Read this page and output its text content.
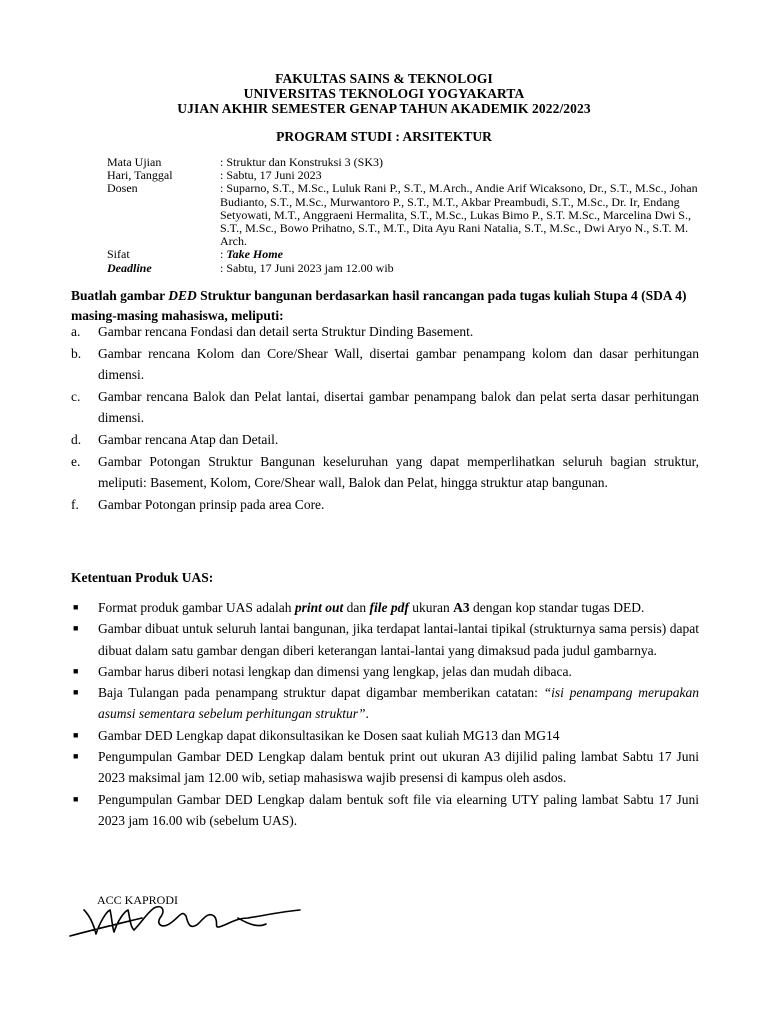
FAKULTAS SAINS & TEKNOLOGI
UNIVERSITAS TEKNOLOGI YOGYAKARTA
UJIAN AKHIR SEMESTER GENAP TAHUN AKADEMIK 2022/2023
PROGRAM STUDI : ARSITEKTUR
Mata Ujian	: Struktur dan Konstruksi 3 (SK3)
Hari, Tanggal	: Sabtu, 17 Juni 2023
Dosen	: Suparno, S.T., M.Sc., Luluk Rani P., S.T., M.Arch., Andie Arif Wicaksono, Dr., S.T., M.Sc., Johan Budianto, S.T., M.Sc., Murwantoro P., S.T., M.T., Akbar Preambudi, S.T., M.Sc., Dr. Ir, Endang Setyowati, M.T., Anggraeni Hermalita, S.T., M.Sc., Lukas Bimo P., S.T. M.Sc., Marcelina Dwi S., S.T., M.Sc., Bowo Prihatno, S.T., M.T., Dita Ayu Rani Natalia, S.T., M.Sc., Dwi Aryo N., S.T. M. Arch.
Sifat	: Take Home
Deadline	: Sabtu, 17 Juni 2023 jam 12.00 wib
Buatlah gambar DED Struktur bangunan berdasarkan hasil rancangan pada tugas kuliah Stupa 4 (SDA 4) masing-masing mahasiswa, meliputi:
a.	Gambar rencana Fondasi dan detail serta Struktur Dinding Basement.
b.	Gambar rencana Kolom dan Core/Shear Wall, disertai gambar penampang kolom dan dasar perhitungan dimensi.
c.	Gambar rencana Balok dan Pelat lantai, disertai gambar penampang balok dan pelat serta dasar perhitungan dimensi.
d.	Gambar rencana Atap dan Detail.
e.	Gambar Potongan Struktur Bangunan keseluruhan yang dapat memperlihatkan seluruh bagian struktur, meliputi: Basement, Kolom, Core/Shear wall, Balok dan Pelat, hingga struktur atap bangunan.
f.	Gambar Potongan prinsip pada area Core.
Ketentuan Produk UAS:
■	Format produk gambar UAS adalah print out dan file pdf ukuran A3 dengan kop standar tugas DED.
■	Gambar dibuat untuk seluruh lantai bangunan, jika terdapat lantai-lantai tipikal (strukturnya sama persis) dapat dibuat dalam satu gambar dengan diberi keterangan lantai-lantai yang dimaksud pada judul gambarnya.
■	Gambar harus diberi notasi lengkap dan dimensi yang lengkap, jelas dan mudah dibaca.
■	Baja Tulangan pada penampang struktur dapat digambar memberikan catatan: “isi penampang merupakan asumsi sementara sebelum perhitungan struktur”.
■	Gambar DED Lengkap dapat dikonsultasikan ke Dosen saat kuliah MG13 dan MG14
■	Pengumpulan Gambar DED Lengkap dalam bentuk print out ukuran A3 dijilid paling lambat Sabtu 17 Juni 2023 maksimal jam 12.00 wib, setiap mahasiswa wajib presensi di kampus oleh asdos.
■	Pengumpulan Gambar DED Lengkap dalam bentuk soft file via elearning UTY paling lambat Sabtu 17 Juni 2023 jam 16.00 wib (sebelum UAS).
ACC KAPRODI
